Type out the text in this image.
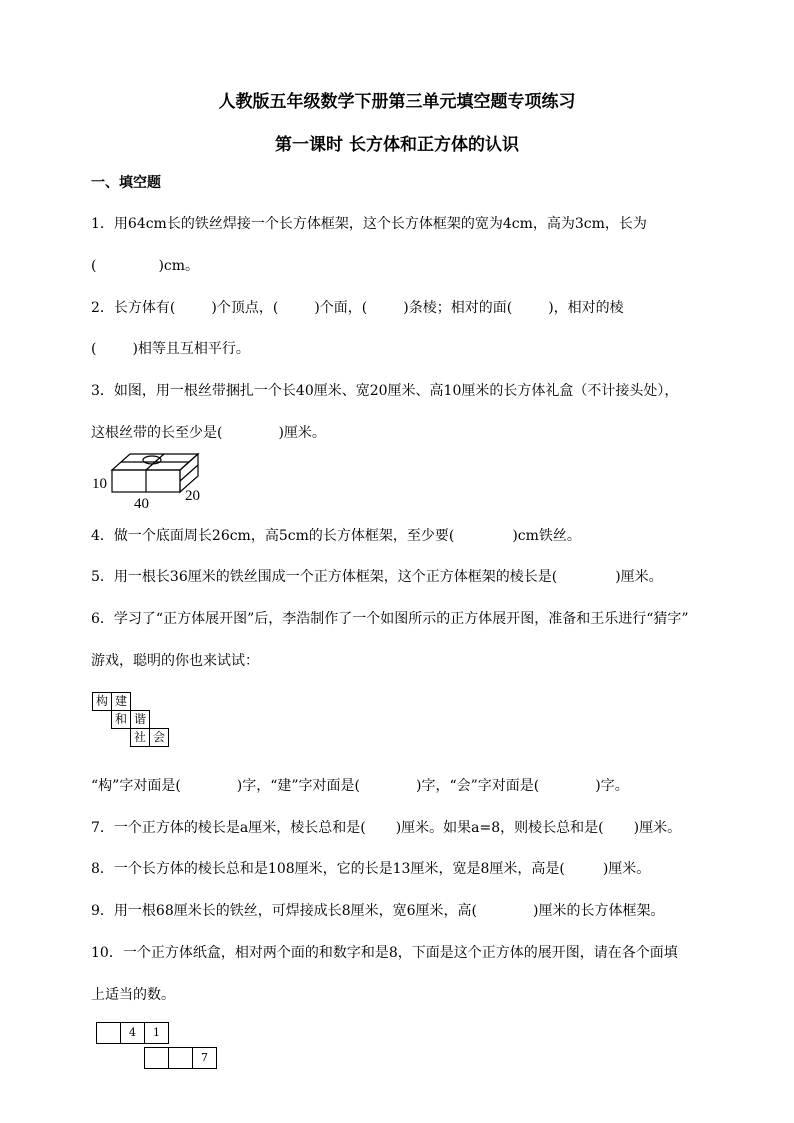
人教版五年级数学下册第三单元填空题专项练习
第一课时 长方体和正方体的认识
一、填空题
1．用64cm长的铁丝焊接一个长方体框架，这个长方体框架的宽为4cm，高为3cm，长为
(	)cm。
2．长方体有(	)个顶点，(	)个面，(	)条棱；相对的面(	)，相对的棱
(	)相等且互相平行。
3．如图，用一根丝带捆扎一个长40厘米、宽20厘米、高10厘米的长方体礼盒（不计接头处），
这根丝带的长至少是(	)厘米。
10
40 20
4．做一个底面周长26cm，高5cm的长方体框架，至少要(	)cm铁丝。
5．用一根长36厘米的铁丝围成一个正方体框架，这个正方体框架的棱长是(	)厘米。
6．学习了“正方体展开图”后，李浩制作了一个如图所示的正方体展开图，准备和王乐进行“猜字”
游戏，聪明的你也来试试：
构 建
和 谐
社 会
“构”字对面是(	)字，“建”字对面是(	)字，“会”字对面是(	)字。
7．一个正方体的棱长是a厘米，棱长总和是( )厘米。如果a=8，则棱长总和是( )厘米。
8．一个长方体的棱长总和是108厘米，它的长是13厘米，宽是8厘米，高是(	)厘米。
9．用一根68厘米长的铁丝，可焊接成长8厘米，宽6厘米，高(	)厘米的长方体框架。
10．一个正方体纸盒，相对两个面的和数字和是8，下面是这个正方体的展开图，请在各个面填
上适当的数。
4	1
7
